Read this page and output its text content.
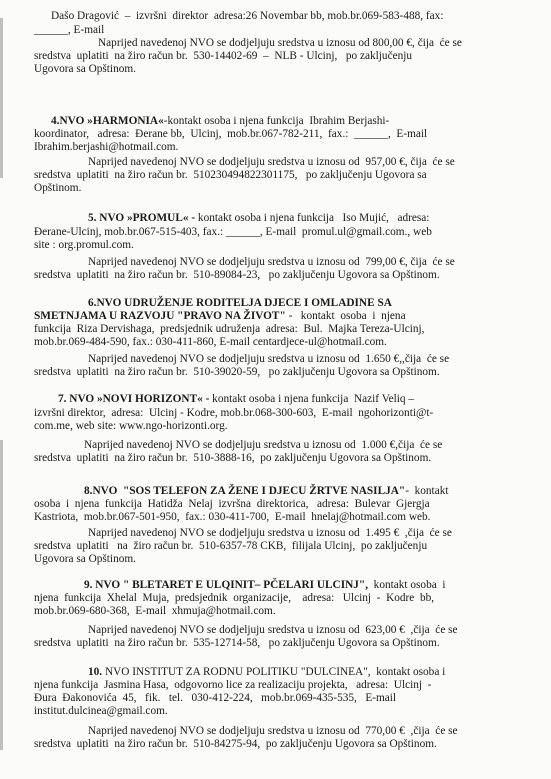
Dašo Dragović  –  izvršni  direktor  adresa:26 Novembar bb, mob.br.069-583-488, fax:
______, E-mail
Naprijed navedenoj NVO se dodjeljuju sredstva u iznosu od 800,00 €, čija  će se
sredstva  uplatiti  na žiro račun br.  530-14402-69  –  NLB - Ulcinj,   po zaključenju
Ugovora sa Opštinom.
4.NVO »HARMONIA«-kontakt osoba i njena funkcija  Ibrahim Berjashi-
koordinator,   adresa:  Đerane bb,  Ulcinj,  mob.br.067-782-211,  fax.:  ______,  E-mail
Ibrahim.berjashi@hotmail.com.
Naprijed navedenoj NVO se dodjeljuju sredstva u iznosu od  957,00 €, čija  će se
sredstva  uplatiti  na žiro račun br.  510230494822301175,   po zaključenju Ugovora sa
Opštinom.
5. NVO »PROMUL« - kontakt osoba i njena funkcija   Iso Mujić,   adresa:
Đerane-Ulcinj, mob.br.067-515-403, fax.: ______, E-mail  promul.ul@gmail.com., web
site : org.promul.com.
Naprijed navedenoj NVO se dodjeljuju sredstva u iznosu od  799,00 €, čija  će se
sredstva  uplatiti  na žiro račun br.  510-89084-23,   po zaključenju Ugovora sa Opštinom.
6.NVO UDRUŽENJE RODITELJA DJECE I OMLADINE SA
SMETNJAMA U RAZVOJU "PRAVO NA ŽIVOT" -   kontakt  osoba  i  njena
funkcija  Riza Dervishaga,  predsjednik udruženja  adresa:  Bul.  Majka Tereza-Ulcinj,
mob.br.069-484-590, fax.: 030-411-860, E-mail centardjece-ul@hotmail.com.
Naprijed navedenoj NVO se dodjeljuju sredstva u iznosu od  1.650 €,,čija  će se
sredstva  uplatiti  na žiro račun br.  510-39020-59,   po zaključenju Ugovora sa Opštinom.
7. NVO »NOVI HORIZONT« - kontakt osoba i njena funkcija  Nazif Veliq –
izvršni direktor,  adresa:  Ulcinj - Kodre, mob.br.068-300-603,  E-mail  ngohorizonti@t-
com.me, web site: www.ngo-horizonti.org.
Naprijed navedenoj NVO se dodjeljuju sredstva u iznosu od  1.000 €,čija  će se
sredstva  uplatiti  na žiro račun br.  510-3888-16,  po zaključenju Ugovora sa Opštinom.
8.NVO  "SOS TELEFON ZA ŽENE I DJECU ŽRTVE NASILJA"-  kontakt
osoba  i  njena  funkcija  Hatidža  Nelaj  izvršna  direktorica,   adresa:  Bulevar  Gjergja
Kastriota,  mob.br.067-501-950,  fax.: 030-411-700,  E-mail  hnelaj@hotmail.com web.
Naprijed navedenoj NVO se dodjeljuju sredstva u iznosu od  1.495 €  ,čija  će se
sredstva  uplatiti   na  žiro račun br.  510-6357-78 CKB,  filijala Ulcinj,  po zaključenju
Ugovora sa Opštinom.
9. NVO " BLETARET E ULQINIT– PČELARI ULCINJ",  kontakt osoba  i
njena  funkcija  Xhelal  Muja,  predsjednik  organizacije,    adresa:   Ulcinj  -  Kodre  bb,
mob.br.069-680-368,  E-mail  xhmuja@hotmail.com.
Naprijed navedenoj NVO se dodjeljuju sredstva u iznosu od  623,00 €  ,čija  će se
sredstva  uplatiti  na žiro račun br.  535-12714-58,   po zaključenju Ugovora sa Opštinom.
10. NVO INSTITUT ZA RODNU POLITIKU "DULCINEA",  kontakt osoba i
njena funkcija  Jasmina Hasa,  odgovorno lice za realizaciju projekta,   adresa:  Ulcinj  -
Đura  Đakonovića  45,   fik.   tel.   030-412-224,   mob.br.069-435-535,   E-mail
institut.dulcinea@gmail.com.
Naprijed navedenoj NVO se dodjeljuju sredstva u iznosu od  770,00 €  ,čija  će se
sredstva  uplatiti  na žiro račun br.  510-84275-94,  po zaključenju Ugovora sa Opštinom.
